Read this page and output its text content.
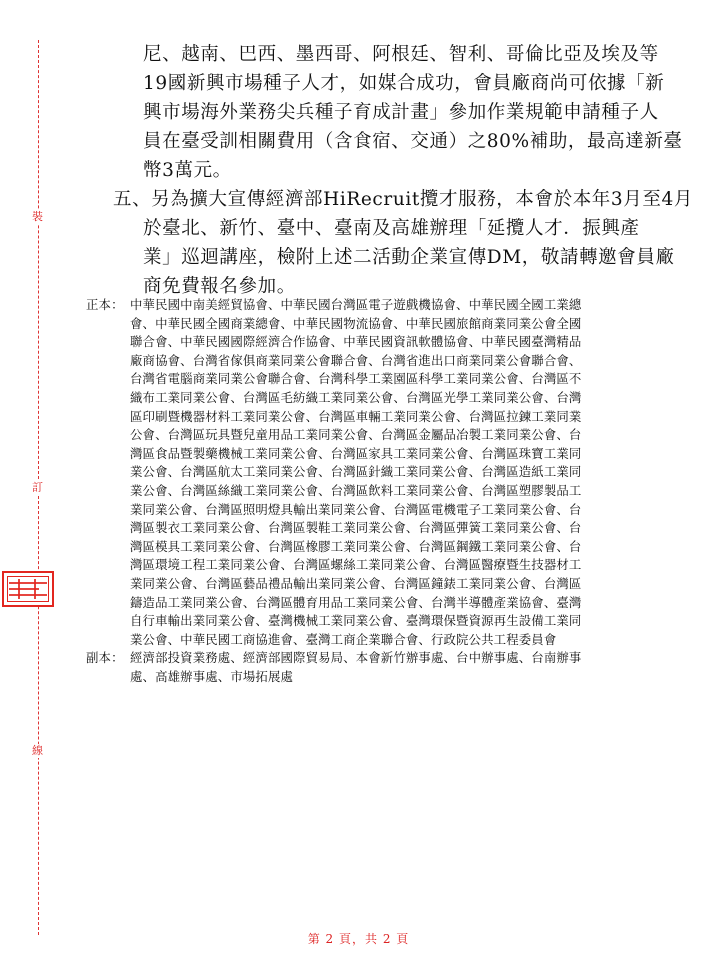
裝
訂
線
尼、越南、巴西、墨西哥、阿根廷、智利、哥倫比亞及埃及等
19國新興市場種子人才，如媒合成功，會員廠商尚可依據「新
興市場海外業務尖兵種子育成計畫」參加作業規範申請種子人
員在臺受訓相關費用（含食宿、交通）之80%補助，最高達新臺
幣3萬元。
五、另為擴大宣傳經濟部HiRecruit攬才服務，本會於本年3月至4月
於臺北、新竹、臺中、臺南及高雄辦理「延攬人才．振興產
業」巡迴講座，檢附上述二活動企業宣傳DM，敬請轉邀會員廠
商免費報名參加。
正本： 中華民國中南美經貿協會、中華民國台灣區電子遊戲機協會、中華民國全國工業總
會、中華民國全國商業總會、中華民國物流協會、中華民國旅館商業同業公會全國
聯合會、中華民國國際經濟合作協會、中華民國資訊軟體協會、中華民國臺灣精品
廠商協會、台灣省傢俱商業同業公會聯合會、台灣省進出口商業同業公會聯合會、
台灣省電腦商業同業公會聯合會、台灣科學工業園區科學工業同業公會、台灣區不
織布工業同業公會、台灣區毛紡織工業同業公會、台灣區光學工業同業公會、台灣
區印刷暨機器材料工業同業公會、台灣區車輛工業同業公會、台灣區拉鍊工業同業
公會、台灣區玩具暨兒童用品工業同業公會、台灣區金屬品冶製工業同業公會、台
灣區食品暨製藥機械工業同業公會、台灣區家具工業同業公會、台灣區珠寶工業同
業公會、台灣區航太工業同業公會、台灣區針織工業同業公會、台灣區造紙工業同
業公會、台灣區絲織工業同業公會、台灣區飲料工業同業公會、台灣區塑膠製品工
業同業公會、台灣區照明燈具輸出業同業公會、台灣區電機電子工業同業公會、台
灣區製衣工業同業公會、台灣區製鞋工業同業公會、台灣區彈簧工業同業公會、台
灣區模具工業同業公會、台灣區橡膠工業同業公會、台灣區鋼鐵工業同業公會、台
灣區環境工程工業同業公會、台灣區螺絲工業同業公會、台灣區醫療暨生技器材工
業同業公會、台灣區藝品禮品輸出業同業公會、台灣區鐘錶工業同業公會、台灣區
鑄造品工業同業公會、台灣區體育用品工業同業公會、台灣半導體產業協會、臺灣
自行車輸出業同業公會、臺灣機械工業同業公會、臺灣環保暨資源再生設備工業同
業公會、中華民國工商協進會、臺灣工商企業聯合會、行政院公共工程委員會
副本： 經濟部投資業務處、經濟部國際貿易局、本會新竹辦事處、台中辦事處、台南辦事
處、高雄辦事處、市場拓展處
第 2 頁，共 2 頁
